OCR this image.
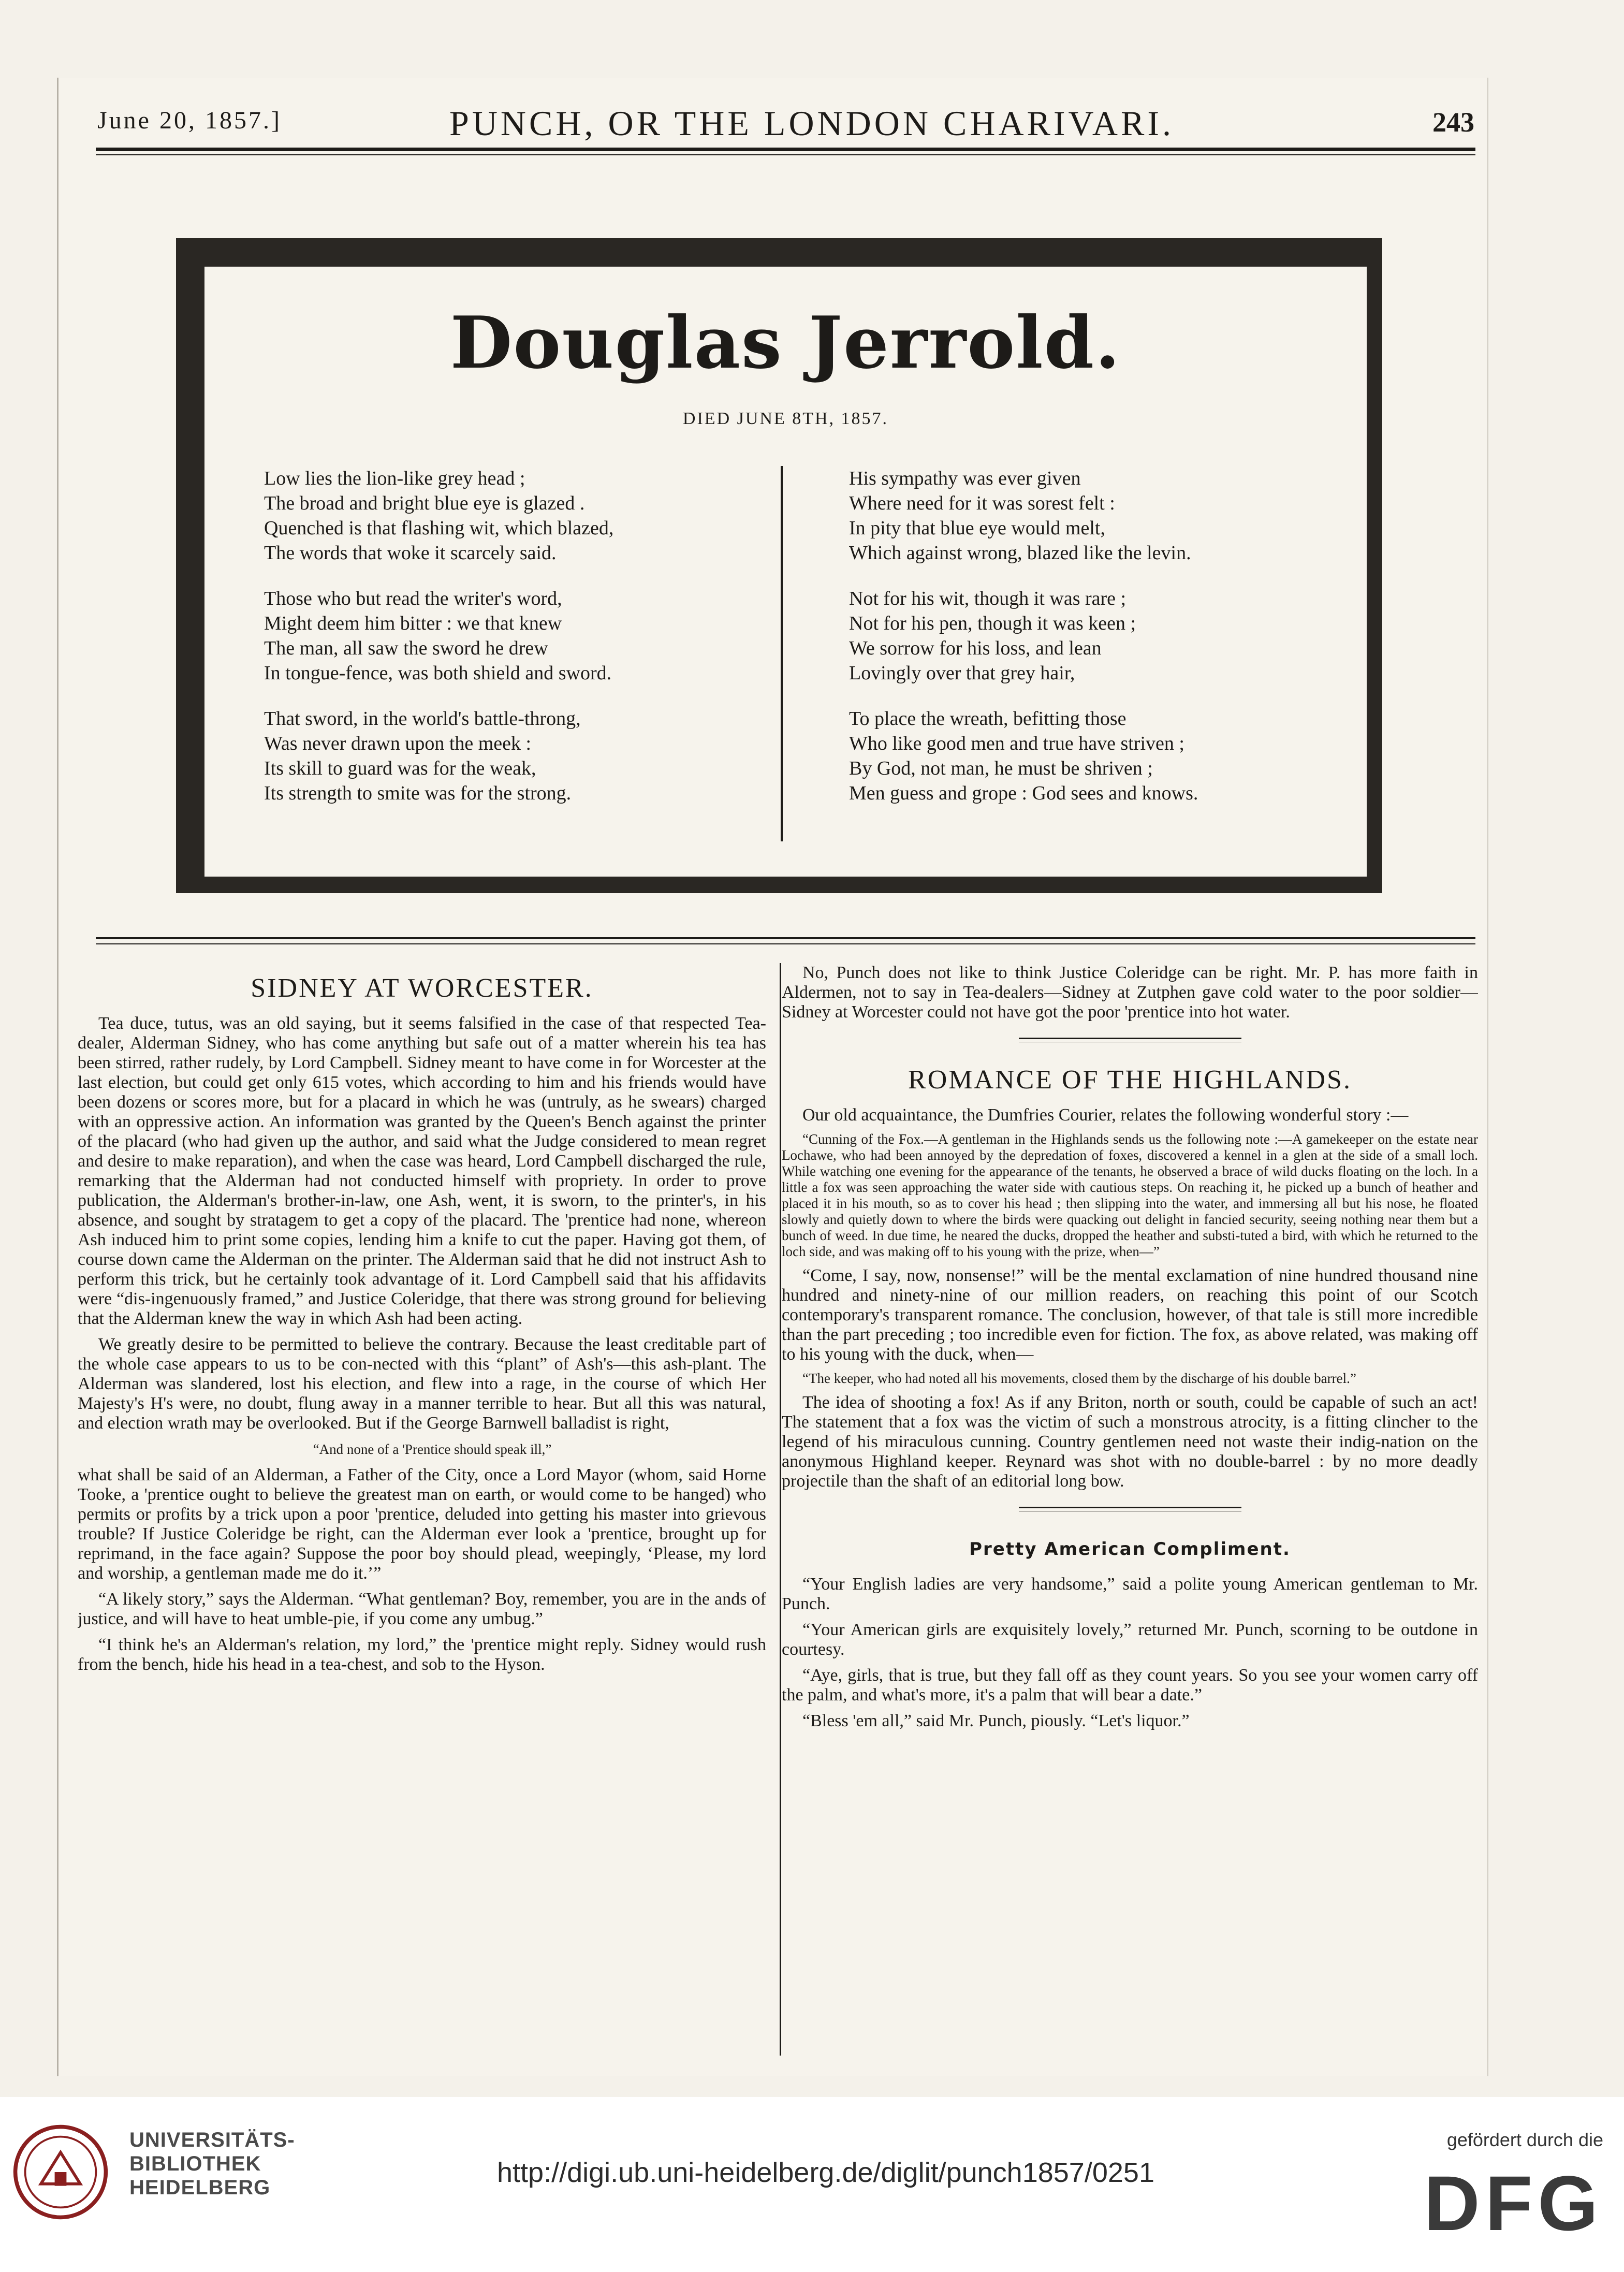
June 20, 1857.]	PUNCH, OR THE LONDON CHARIVARI.	243
Douglas Jerrold.
DIED JUNE 8TH, 1857.
Low lies the lion-like grey head ;
The broad and bright blue eye is glazed .
Quenched is that flashing wit, which blazed,
The words that woke it scarcely said.
Those who but read the writer's word,
Might deem him bitter : we that knew
The man, all saw the sword he drew
In tongue-fence, was both shield and sword.
That sword, in the world's battle-throng,
Was never drawn upon the meek :
Its skill to guard was for the weak,
Its strength to smite was for the strong.
His sympathy was ever given
Where need for it was sorest felt :
In pity that blue eye would melt,
Which against wrong, blazed like the levin.
Not for his wit, though it was rare ;
Not for his pen, though it was keen ;
We sorrow for his loss, and lean
Lovingly over that grey hair,
To place the wreath, befitting those
Who like good men and true have striven ;
By God, not man, he must be shriven ;
Men guess and grope : God sees and knows.
SIDNEY AT WORCESTER.

Tea duce, tutus, was an old saying, but it seems falsified in the case of that respected Tea-dealer, Alderman Sidney, who has come anything but safe out of a matter wherein his tea has been stirred, rather rudely, by Lord Campbell. Sidney meant to have come in for Worcester at the last election, but could get only 615 votes, which according to him and his friends would have been dozens or scores more, but for a placard in which he was (untruly, as he swears) charged with an oppressive action. An information was granted by the Queen's Bench against the printer of the placard (who had given up the author, and said what the Judge considered to mean regret and desire to make reparation), and when the case was heard, Lord Campbell discharged the rule, remarking that the Alderman had not conducted himself with propriety. In order to prove publication, the Alderman's brother-in-law, one Ash, went, it is sworn, to the printer's, in his absence, and sought by stratagem to get a copy of the placard. The 'prentice had none, whereon Ash induced him to print some copies, lending him a knife to cut the paper. Having got them, of course down came the Alderman on the printer. The Alderman said that he did not instruct Ash to perform this trick, but he certainly took advantage of it. Lord Campbell said that his affidavits were “dis-ingenuously framed,” and Justice Coleridge, that there was strong ground for believing that the Alderman knew the way in which Ash had been acting.

We greatly desire to be permitted to believe the contrary. Because the least creditable part of the whole case appears to us to be con-nected with this “plant” of Ash's—this ash-plant. The Alderman was slandered, lost his election, and flew into a rage, in the course of which Her Majesty's H's were, no doubt, flung away in a manner terrible to hear. But all this was natural, and election wrath may be overlooked. But if the George Barnwell balladist is right,

“And none of a 'Prentice should speak ill,”

what shall be said of an Alderman, a Father of the City, once a Lord Mayor (whom, said Horne Tooke, a 'prentice ought to believe the greatest man on earth, or would come to be hanged) who permits or profits by a trick upon a poor 'prentice, deluded into getting his master into grievous trouble? If Justice Coleridge be right, can the Alderman ever look a 'prentice, brought up for reprimand, in the face again? Suppose the poor boy should plead, weepingly, ‘Please, my lord and worship, a gentleman made me do it.’”

“A likely story,” says the Alderman. “What gentleman? Boy, remember, you are in the ands of justice, and will have to heat umble-pie, if you come any umbug.”

“I think he's an Alderman's relation, my lord,” the 'prentice might reply. Sidney would rush from the bench, hide his head in a tea-chest, and sob to the Hyson.

No, Punch does not like to think Justice Coleridge can be right. Mr. P. has more faith in Aldermen, not to say in Tea-dealers—Sidney at Zutphen gave cold water to the poor soldier—Sidney at Worcester could not have got the poor 'prentice into hot water.

ROMANCE OF THE HIGHLANDS.

Our old acquaintance, the Dumfries Courier, relates the following wonderful story :—

“Cunning of the Fox.—A gentleman in the Highlands sends us the following note :—A gamekeeper on the estate near Lochawe, who had been annoyed by the depredation of foxes, discovered a kennel in a glen at the side of a small loch. While watching one evening for the appearance of the tenants, he observed a brace of wild ducks floating on the loch. In a little a fox was seen approaching the water side with cautious steps. On reaching it, he picked up a bunch of heather and placed it in his mouth, so as to cover his head ; then slipping into the water, and immersing all but his nose, he floated slowly and quietly down to where the birds were quacking out delight in fancied security, seeing nothing near them but a bunch of weed. In due time, he neared the ducks, dropped the heather and substi-tuted a bird, with which he returned to the loch side, and was making off to his young with the prize, when—”

“Come, I say, now, nonsense!” will be the mental exclamation of nine hundred thousand nine hundred and ninety-nine of our million readers, on reaching this point of our Scotch contemporary's transparent romance. The conclusion, however, of that tale is still more incredible than the part preceding ; too incredible even for fiction. The fox, as above related, was making off to his young with the duck, when—

“The keeper, who had noted all his movements, closed them by the discharge of his double barrel.”

The idea of shooting a fox! As if any Briton, north or south, could be capable of such an act! The statement that a fox was the victim of such a monstrous atrocity, is a fitting clincher to the legend of his miraculous cunning. Country gentlemen need not waste their indig-nation on the anonymous Highland keeper. Reynard was shot with no double-barrel : by no more deadly projectile than the shaft of an editorial long bow.

Pretty American Compliment.

“Your English ladies are very handsome,” said a polite young American gentleman to Mr. Punch.

“Your American girls are exquisitely lovely,” returned Mr. Punch, scorning to be outdone in courtesy.

“Aye, girls, that is true, but they fall off as they count years. So you see your women carry off the palm, and what's more, it's a palm that will bear a date.”

“Bless 'em all,” said Mr. Punch, piously. “Let's liquor.”

UNIVERSITÄTS-
BIBLIOTHEK
HEIDELBERG	http://digi.ub.uni-heidelberg.de/diglit/punch1857/0251
gefördert durch die
DFG
